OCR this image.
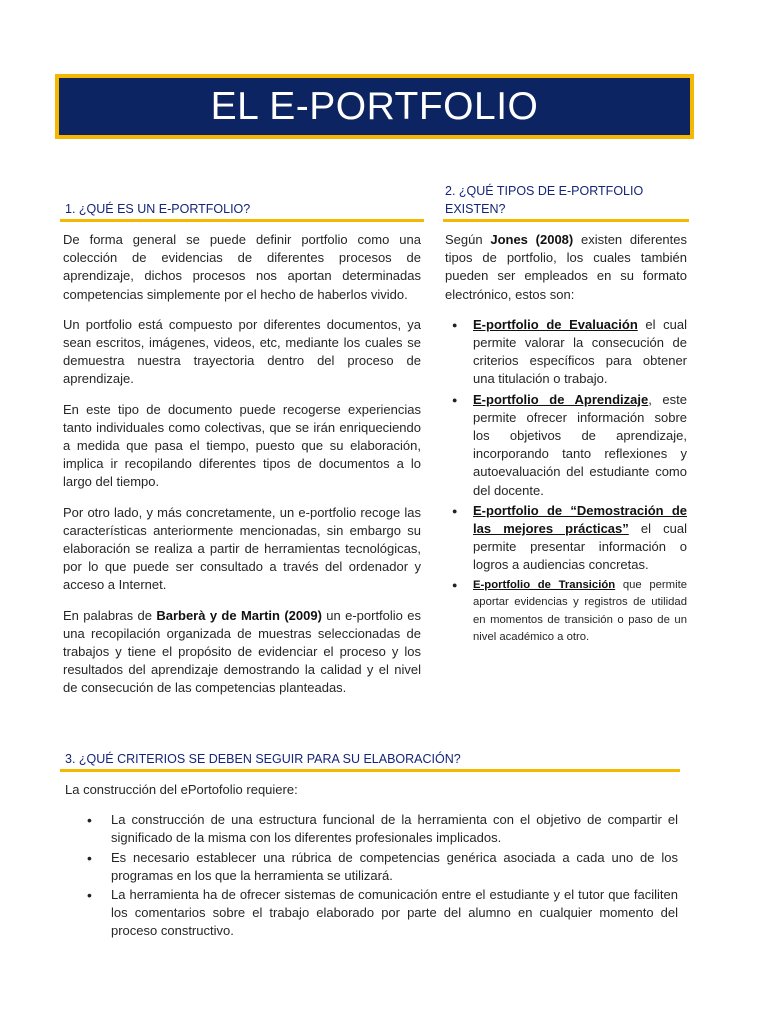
EL E-PORTFOLIO
1. ¿QUÉ ES UN E-PORTFOLIO?

De forma general se puede definir portfolio como una colección de evidencias de diferentes procesos de aprendizaje, dichos procesos nos aportan determinadas competencias simplemente por el hecho de haberlos vivido.

Un portfolio está compuesto por diferentes documentos, ya sean escritos, imágenes, videos, etc, mediante los cuales se demuestra nuestra trayectoria dentro del proceso de aprendizaje.

En este tipo de documento puede recogerse experiencias tanto individuales como colectivas, que se irán enriqueciendo a medida que pasa el tiempo, puesto que su elaboración, implica ir recopilando diferentes tipos de documentos a lo largo del tiempo.

Por otro lado, y más concretamente, un e-portfolio recoge las características anteriormente mencionadas, sin embargo su elaboración se realiza a partir de herramientas tecnológicas, por lo que puede ser consultado a través del ordenador y acceso a Internet.

En palabras de Barberà y de Martin (2009) un e-portfolio es una recopilación organizada de muestras seleccionadas de trabajos y tiene el propósito de evidenciar el proceso y los resultados del aprendizaje demostrando la calidad y el nivel de consecución de las competencias planteadas.

2. ¿QUÉ TIPOS DE E-PORTFOLIO EXISTEN?

Según Jones (2008) existen diferentes tipos de portfolio, los cuales también pueden ser empleados en su formato electrónico, estos son:

● E-portfolio de Evaluación el cual permite valorar la consecución de criterios específicos para obtener una titulación o trabajo.
● E-portfolio de Aprendizaje, este permite ofrecer información sobre los objetivos de aprendizaje, incorporando tanto reflexiones y autoevaluación del estudiante como del docente.
● E-portfolio de “Demostración de las mejores prácticas” el cual permite presentar información o logros a audiencias concretas.
● E-portfolio de Transición que permite aportar evidencias y registros de utilidad en momentos de transición o paso de un nivel académico a otro.
3. ¿QUÉ CRITERIOS SE DEBEN SEGUIR PARA SU ELABORACIÓN?

La construcción del ePortofolio requiere:

• La construcción de una estructura funcional de la herramienta con el objetivo de compartir el significado de la misma con los diferentes profesionales implicados.
• Es necesario establecer una rúbrica de competencias genérica asociada a cada uno de los programas en los que la herramienta se utilizará.
• La herramienta ha de ofrecer sistemas de comunicación entre el estudiante y el tutor que faciliten los comentarios sobre el trabajo elaborado por parte del alumno en cualquier momento del proceso constructivo.
